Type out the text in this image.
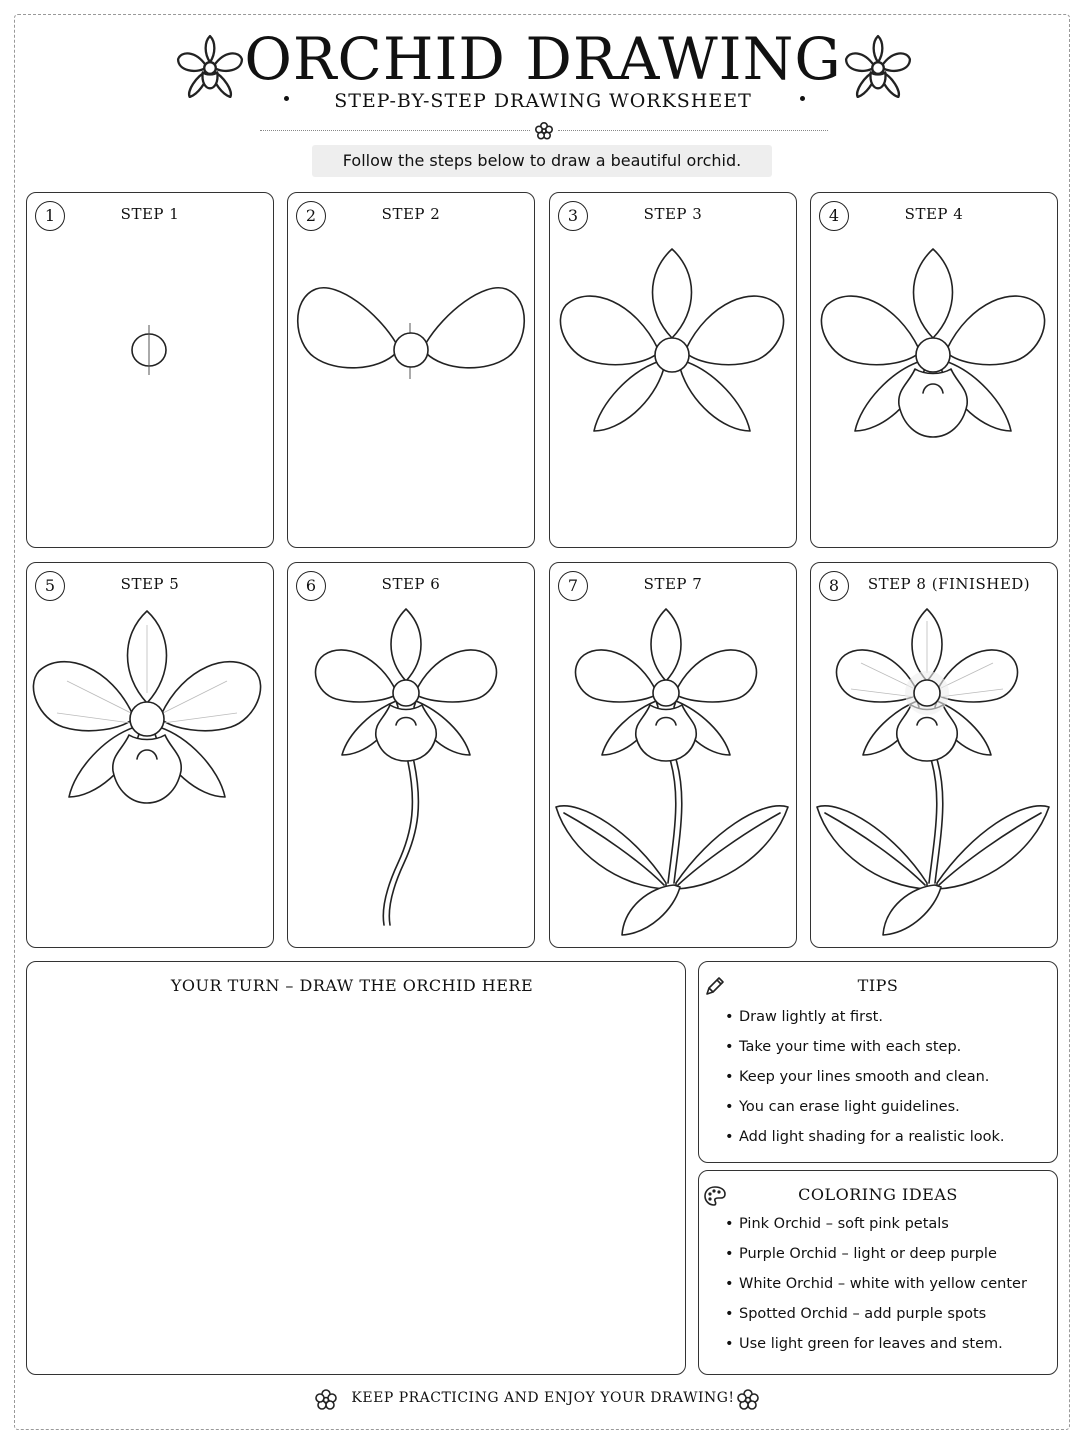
ORCHID DRAWING
STEP-BY-STEP DRAWING WORKSHEET
Follow the steps below to draw a beautiful orchid.
1	STEP 1	2	STEP 2	3	STEP 3	4	STEP 4
5	STEP 5	6	STEP 6	7	STEP 7	8	STEP 8 (FINISHED)
YOUR TURN – DRAW THE ORCHID HERE	TIPS
• Draw lightly at first.
• Take your time with each step.
• Keep your lines smooth and clean.
• You can erase light guidelines.
• Add light shading for a realistic look.
COLORING IDEAS
• Pink Orchid – soft pink petals
• Purple Orchid – light or deep purple
• White Orchid – white with yellow center
• Spotted Orchid – add purple spots
• Use light green for leaves and stem.
KEEP PRACTICING AND ENJOY YOUR DRAWING!
